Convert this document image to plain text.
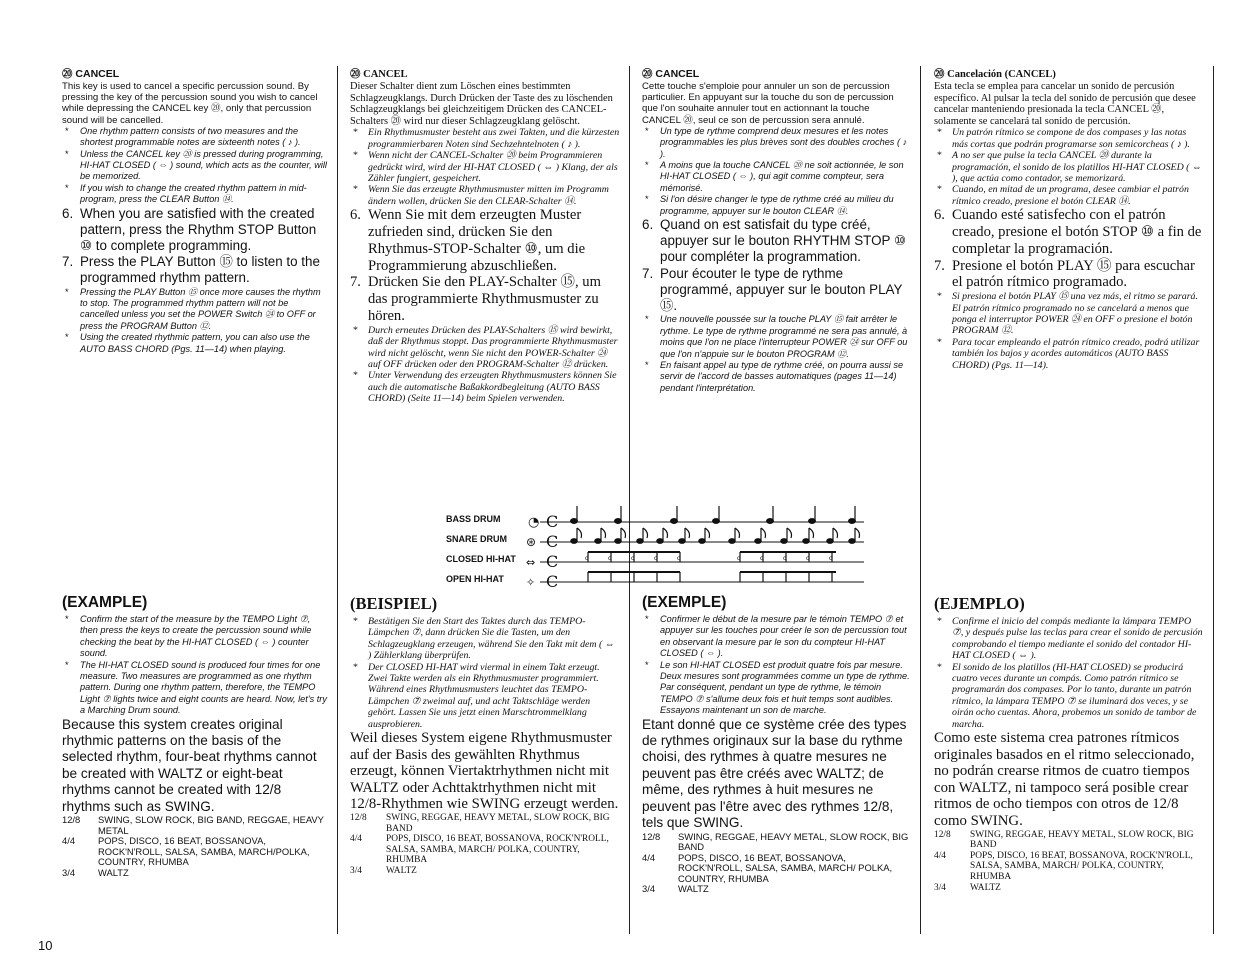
⑳ CANCEL

This key is used to cancel a specific percussion sound. By pressing the key of the percussion sound you wish to cancel while depressing the CANCEL key ⑳, only that percussion sound will be cancelled.

* One rhythm pattern consists of two measures and the shortest programmable notes are sixteenth notes ( ♪ ).

* Unless the CANCEL key ⑳ is pressed during programming, HI-HAT CLOSED ( ⇔ ) sound, which acts as the counter, will be memorized.

* If you wish to change the created rhythm pattern in mid-program, press the CLEAR Button ⑭.

6. When you are satisfied with the created pattern, press the Rhythm STOP Button ⑩ to complete programming.

7. Press the PLAY Button ⑮ to listen to the programmed rhythm pattern.

* Pressing the PLAY Button ⑮ once more causes the rhythm to stop. The programmed rhythm pattern will not be cancelled unless you set the POWER Switch ㉔ to OFF or press the PROGRAM Button ⑫.

* Using the created rhythmic pattern, you can also use the AUTO BASS CHORD (Pgs. 11—14) when playing.

⑳ CANCEL

Dieser Schalter dient zum Löschen eines bestimmten Schlagzeugklangs. Durch Drücken der Taste des zu löschenden Schlagzeugklangs bei gleichzeitigem Drücken des CANCEL-Schalters ⑳ wird nur dieser Schlagzeugklang gelöscht.

* Ein Rhythmusmuster besteht aus zwei Takten, und die kürzesten programmierbaren Noten sind Sechzehntelnoten ( ♪ ).

* Wenn nicht der CANCEL-Schalter ⑳ beim Programmieren gedrückt wird, wird der HI-HAT CLOSED ( ⇔ ) Klang, der als Zähler fungiert, gespeichert.

* Wenn Sie das erzeugte Rhythmusmuster mitten im Programm ändern wollen, drücken Sie den CLEAR-Schalter ⑭.

6. Wenn Sie mit dem erzeugten Muster zufrieden sind, drücken Sie den Rhythmus-STOP-Schalter ⑩, um die Programmierung abzuschließen.

7. Drücken Sie den PLAY-Schalter ⑮, um das programmierte Rhythmusmuster zu hören.

* Durch erneutes Drücken des PLAY-Schalters ⑮ wird bewirkt, daß der Rhythmus stoppt. Das programmierte Rhythmusmuster wird nicht gelöscht, wenn Sie nicht den POWER-Schalter ㉔ auf OFF drücken oder den PROGRAM-Schalter ⑫ drücken.

* Unter Verwendung des erzeugten Rhythmusmusters können Sie auch die automatische Baßakkordbegleitung (AUTO BASS CHORD) (Seite 11—14) beim Spielen verwenden.

⑳ CANCEL

Cette touche s'emploie pour annuler un son de percussion particulier. En appuyant sur la touche du son de percussion que l'on souhaite annuler tout en actionnant la touche CANCEL ⑳, seul ce son de percussion sera annulé.

* Un type de rythme comprend deux mesures et les notes programmables les plus brèves sont des doubles croches ( ♪ ).

* A moins que la touche CANCEL ⑳ ne soit actionnée, le son HI-HAT CLOSED ( ⇔ ), qui agit comme compteur, sera mémorisé.

* Si l'on désire changer le type de rythme créé au milieu du programme, appuyer sur le bouton CLEAR ⑭.

6. Quand on est satisfait du type créé, appuyer sur le bouton RHYTHM STOP ⑩ pour compléter la programmation.

7. Pour écouter le type de rythme programmé, appuyer sur le bouton PLAY ⑮.

* Une nouvelle poussée sur la touche PLAY ⑮ fait arrêter le rythme. Le type de rythme programmé ne sera pas annulé, à moins que l'on ne place l'interrupteur POWER ㉔ sur OFF ou que l'on n'appuie sur le bouton PROGRAM ⑫.

* En faisant appel au type de rythme créé, on pourra aussi se servir de l'accord de basses automatiques (pages 11—14) pendant l'interprétation.

⑳ Cancelación (CANCEL)

Esta tecla se emplea para cancelar un sonido de percusión específico. Al pulsar la tecla del sonido de percusión que desee cancelar manteniendo presionada la tecla CANCEL ⑳, solamente se cancelará tal sonido de percusión.

* Un patrón rítmico se compone de dos compases y las notas más cortas que podrán programarse son semicorcheas ( ♪ ).

* A no ser que pulse la tecla CANCEL ⑳ durante la programación, el sonido de los platillos HI-HAT CLOSED ( ⇔ ), que actúa como contador, se memorizará.

* Cuando, en mitad de un programa, desee cambiar el patrón rítmico creado, presione el botón CLEAR ⑭.

6. Cuando esté satisfecho con el patrón creado, presione el botón STOP ⑩ a fin de completar la programación.

7. Presione el botón PLAY ⑮ para escuchar el patrón rítmico programado.

* Si presiona el botón PLAY ⑮ una vez más, el ritmo se parará. El patrón rítmico programado no se cancelará a menos que ponga el interruptor POWER ㉔ en OFF o presione el botón PROGRAM ⑫.

* Para tocar empleando el patrón rítmico creado, podrá utilizar también los bajos y acordes automáticos (AUTO BASS CHORD) (Pgs. 11—14).

BASS DRUM
SNARE DRUM
CLOSED HI-HAT
OPEN HI-HAT
◔
⊛
⇔
✧
C
C
C
C
o	o	o	o	o	o	o	o	o	o

(EXAMPLE)

* Confirm the start of the measure by the TEMPO Light ⑦, then press the keys to create the percussion sound while checking the beat by the HI-HAT CLOSED ( ⇔ ) counter sound.

* The HI-HAT CLOSED sound is produced four times for one measure. Two measures are programmed as one rhythm pattern. During one rhythm pattern, therefore, the TEMPO Light ⑦ lights twice and eight counts are heard. Now, let's try a Marching Drum sound.

Because this system creates original rhythmic patterns on the basis of the selected rhythm, four-beat rhythms cannot be created with WALTZ or eight-beat rhythms cannot be created with 12/8 rhythms such as SWING.

12/8 SWING, SLOW ROCK, BIG BAND, REGGAE, HEAVY METAL
4/4 POPS, DISCO, 16 BEAT, BOSSANOVA, ROCK'N'ROLL, SALSA, SAMBA, MARCH/POLKA, COUNTRY, RHUMBA
3/4 WALTZ

(BEISPIEL)

* Bestätigen Sie den Start des Taktes durch das TEMPO-Lämpchen ⑦, dann drücken Sie die Tasten, um den Schlagzeugklang erzeugen, während Sie den Takt mit dem ( ⇔ ) Zählerklang überprüfen.

* Der CLOSED HI-HAT wird viermal in einem Takt erzeugt. Zwei Takte werden als ein Rhythmusmuster programmiert. Während eines Rhythmusmusters leuchtet das TEMPO-Lämpchen ⑦ zweimal auf, und acht Taktschläge werden gehört. Lassen Sie uns jetzt einen Marschtrommelklang ausprobieren.

Weil dieses System eigene Rhythmusmuster auf der Basis des gewählten Rhythmus erzeugt, können Viertaktrhythmen nicht mit WALTZ oder Achttaktrhythmen nicht mit 12/8-Rhythmen wie SWING erzeugt werden.

12/8 SWING, REGGAE, HEAVY METAL, SLOW ROCK, BIG BAND
4/4	POPS, DISCO, 16 BEAT, BOSSANOVA, ROCK'N'ROLL, SALSA, SAMBA, MARCH/ POLKA, COUNTRY, RHUMBA
3/4	WALTZ

(EXEMPLE)

* Confirmer le début de la mesure par le témoin TEMPO ⑦ et appuyer sur les touches pour créer le son de percussion tout en observant la mesure par le son du compteur HI-HAT CLOSED ( ⇔ ).

* Le son HI-HAT CLOSED est produit quatre fois par mesure. Deux mesures sont programmées comme un type de rythme. Par conséquent, pendant un type de rythme, le témoin TEMPO ⑦ s'allume deux fois et huit temps sont audibles. Essayons maintenant un son de marche.

Etant donné que ce système crée des types de rythmes originaux sur la base du rythme choisi, des rythmes à quatre mesures ne peuvent pas être créés avec WALTZ; de même, des rythmes à huit mesures ne peuvent pas l'être avec des rythmes 12/8, tels que SWING.

12/8 SWING, REGGAE, HEAVY METAL, SLOW ROCK, BIG BAND
4/4 POPS, DISCO, 16 BEAT, BOSSANOVA, ROCK'N'ROLL, SALSA, SAMBA, MARCH/ POLKA, COUNTRY, RHUMBA
3/4 WALTZ

(EJEMPLO)

* Confirme el inicio del compás mediante la lámpara TEMPO ⑦, y después pulse las teclas para crear el sonido de percusión comprobando el tiempo mediante el sonido del contador HI-HAT CLOSED ( ⇔ ).

* El sonido de los platillos (HI-HAT CLOSED) se producirá cuatro veces durante un compás. Como patrón rítmico se programarán dos compases. Por lo tanto, durante un patrón rítmico, la lámpara TEMPO ⑦ se iluminará dos veces, y se oirán ocho cuentas. Ahora, probemos un sonido de tambor de marcha.

Como este sistema crea patrones rítmicos originales basados en el ritmo seleccionado, no podrán crearse ritmos de cuatro tiempos con WALTZ, ni tampoco será posible crear ritmos de ocho tiempos con otros de 12/8 como SWING.

12/8 SWING, REGGAE, HEAVY METAL, SLOW ROCK, BIG BAND
4/4	POPS, DISCO, 16 BEAT, BOSSANOVA, ROCK'N'ROLL, SALSA, SAMBA, MARCH/ POLKA, COUNTRY, RHUMBA
3/4	WALTZ
10
